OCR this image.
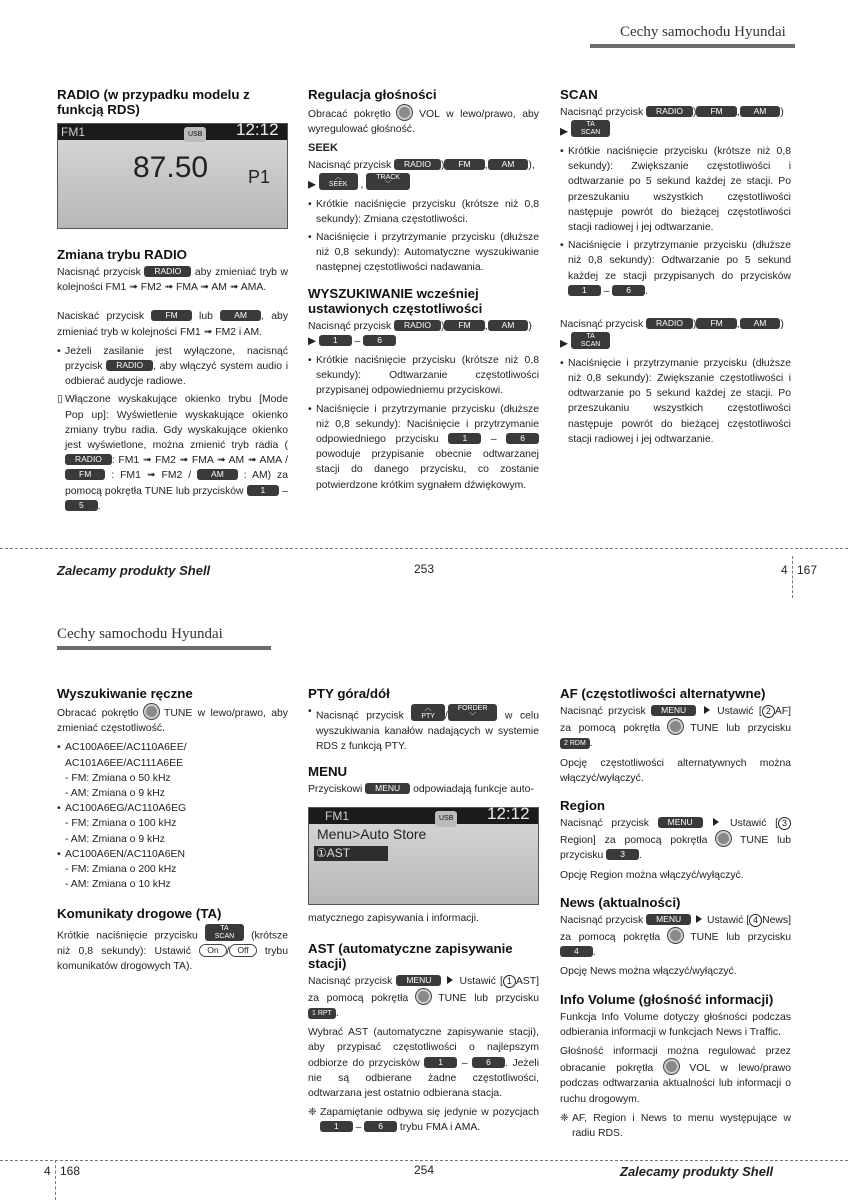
Cechy samochodu Hyundai
RADIO (w przypadku modelu z funkcją RDS)
FM1	USB 12:12
87.50 P1
Zmiana trybu RADIO

Nacisnąć przycisk RADIO aby zmieniać tryb w kolejności FM1 ➟ FM2 ➟ FMA ➟ AM ➟ AMA.

Naciskać przycisk	FM lub	AM , aby zmieniać tryb w kolejności FM1 ➟ FM2 i AM.

• Jeżeli zasilanie jest wyłączone, nacisnąć przycisk RADIO , aby włączyć system audio i odbierać audycje radiowe.

▯ Włączone wyskakujące okienko trybu [Mode Pop up]: Wyświetlenie wyskakujące okienko zmiany trybu radia. Gdy wyskakujące okienko jest wyświetlone, można zmienić tryb radia (RADIO : FM1 ➟ FM2 ➟ FMA ➟ AM ➟ AMA / FM : FM1 ➟ FM2 / AM : AM) za pomocą pokrętła TUNE lub przycisków 1 – 5 .

Regulacja głośności

Obracać pokrętło	VOL w lewo/prawo, aby wyregulować głośność.

SEEK

Nacisnąć przycisk RADIO ) FM , AM ),
▶ ︿
SEEK , TRACK
﹀

• Krótkie naciśnięcie przycisku (krótsze niż 0,8 sekundy): Zmiana częstotliwości.
• Naciśnięcie i przytrzymanie przycisku (dłuższe niż 0,8 sekundy): Automatyczne wyszukiwanie następnej częstotliwości nadawania.
WYSZUKIWANIE wcześniej ustawionych częstotliwości

Nacisnąć przycisk RADIO ) FM , AM )
▶ 1 – 6

• Krótkie naciśnięcie przycisku (krótsze niż 0,8 sekundy): Odtwarzanie częstotliwości przypisanej odpowiedniemu przyciskowi.
• Naciśnięcie i przytrzymanie przycisku (dłuższe niż 0,8 sekundy): Naciśnięcie i przytrzymanie odpowiedniego przycisku	1 –	6 powoduje przypisanie obecnie odtwarzanej stacji do danego przycisku, co zostanie potwierdzone krótkim sygnałem dźwiękowym.
SCAN

Nacisnąć przycisk RADIO ) FM , AM )
▶ TA
SCAN

• Krótkie naciśnięcie przycisku (krótsze niż 0,8 sekundy): Zwiększanie częstotliwości i odtwarzanie po 5 sekund każdej ze stacji. Po przeszukaniu wszystkich częstotliwości następuje powrót do bieżącej częstotliwości stacji radiowej i jej odtwarzanie.
• Naciśnięcie i przytrzymanie przycisku (dłuższe niż 0,8 sekundy): Odtwarzanie po 5 sekund każdej ze stacji przypisanych do przycisków 1 – 6 .

Nacisnąć przycisk RADIO ) FM , AM )
▶ TA
SCAN

• Naciśnięcie i przytrzymanie przycisku (dłuższe niż 0,8 sekundy): Zwiększanie częstotliwości i odtwarzanie po 5 sekund każdej ze stacji. Po przeszukaniu wszystkich częstotliwości następuje powrót do bieżącej częstotliwości stacji radiowej i jej odtwarzanie.
Zalecamy produkty Shell	253	4 167
Cechy samochodu Hyundai
Wyszukiwanie ręczne

Obracać pokrętło TUNE w lewo/prawo, aby zmieniać częstotliwość.

• AC100A6EE/AC110A6EE/ AC101A6EE/AC111A6EE
- FM: Zmiana o 50 kHz
- AM: Zmiana o 9 kHz
• AC100A6EG/AC110A6EG
- FM: Zmiana o 100 kHz
- AM: Zmiana o 9 kHz
• AC100A6EN/AC110A6EN
- FM: Zmiana o 200 kHz
- AM: Zmiana o 10 kHz
Komunikaty drogowe (TA)

Krótkie naciśnięcie przycisku TA
SCAN (krótsze niż 0,8 sekundy): Ustawić On / Off trybu komunikatów drogowych TA).

PTY góra/dół
• Nacisnąć przycisk ︿
PTY /FORDER
﹀	w celu wyszukiwania kanałów nadających w systemie RDS z funkcją PTY.
MENU

Przyciskowi MENU odpowiadają funkcje auto-

FM1	USB 12:12
Menu>Auto Store
①AST

matycznego zapisywania i informacji.

AST (automatyczne zapisywanie stacji)

Nacisnąć przycisk MENU	Ustawić [ 1 AST] za pomocą pokrętła	TUNE lub przycisku 1 RPT .

Wybrać AST (automatyczne zapisywanie stacji), aby przypisać częstotliwości o najlepszym odbiorze do przycisków 1 – 6 . Jeżeli nie są odbierane żadne częstotliwości, odtwarzana jest ostatnio odbierana stacja.

❈ Zapamiętanie odbywa się jedynie w pozycjach 1 – 6 trybu FMA i AMA.

AF (częstotliwości alternatywne)

Nacisnąć przycisk MENU	Ustawić [ 2 AF] za pomocą pokrętła	TUNE lub przycisku 2 RDM .

Opcję częstotliwości alternatywnych można włączyć/wyłączyć.

Region

Nacisnąć przycisk MENU	Ustawić [ 3Region] za pomocą pokrętła	TUNE lub przycisku 3 .

Opcję Region można włączyć/wyłączyć.

News (aktualności)

Nacisnąć przycisk MENU Ustawić [ 4 News] za pomocą pokrętła	TUNE lub przycisku 4 .

Opcję News można włączyć/wyłączyć.

Info Volume (głośność informacji)

Funkcja Info Volume dotyczy głośności podczas odbierania informacji w funkcjach News i Traffic.

Głośność informacji można regulować przez obracanie pokrętła	VOL w lewo/prawo podczas odtwarzania aktualności lub informacji o ruchu drogowym.

❈ AF, Region i News to menu występujące w radiu RDS.

4 168	254	Zalecamy produkty Shell
